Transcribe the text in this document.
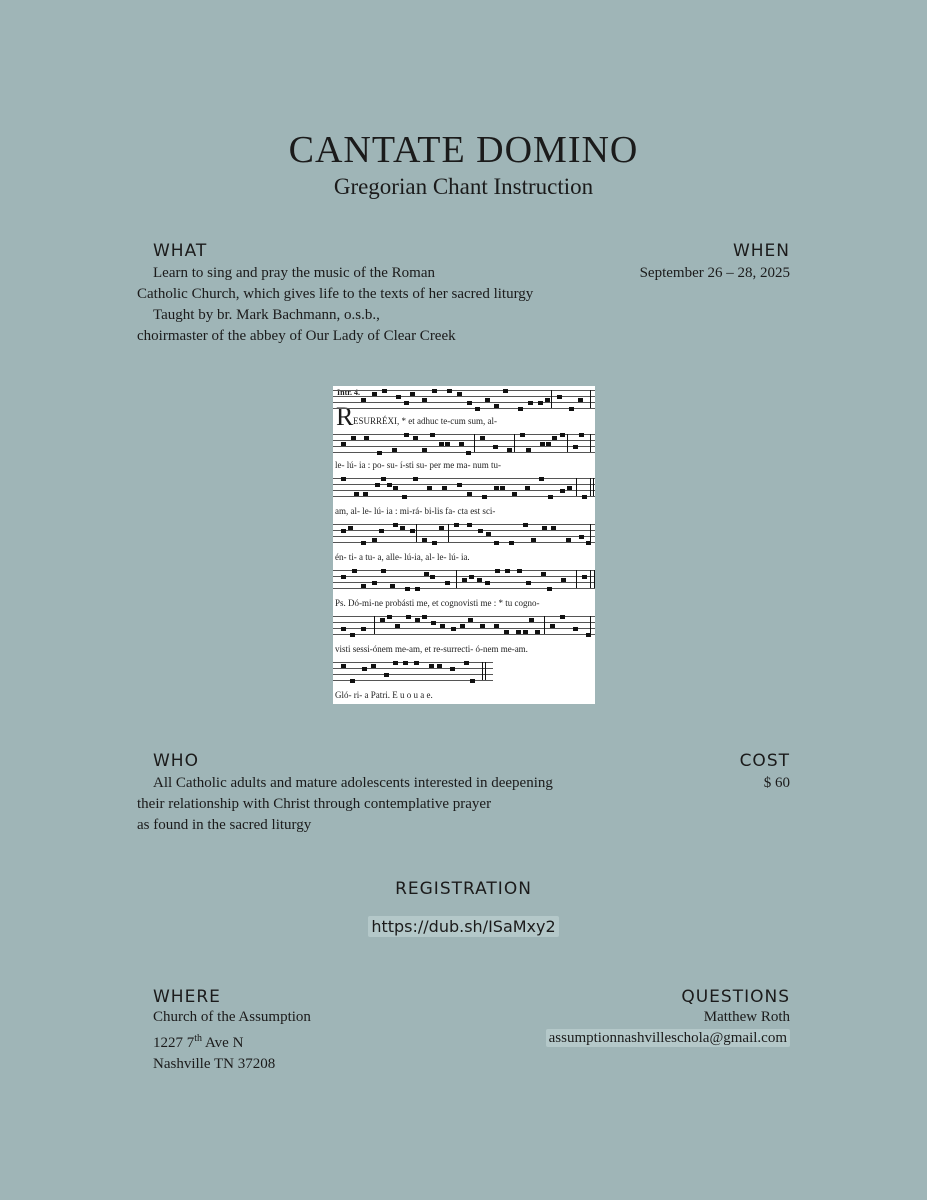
CANTATE DOMINO
Gregorian Chant Instruction
WHAT
Learn to sing and pray the music of the Roman
Catholic Church, which gives life to the texts of her sacred liturgy
Taught by br. Mark Bachmann, o.s.b.,
choirmaster of the abbey of Our Lady of Clear Creek
WHEN
September 26 – 28, 2025
Intr. 4.
R ESURRÉXI, * et adhuc te-cum sum, al-
le- lú- ia : po- su- í-sti su- per me ma- num tu-
am, al- le- lú- ia : mi-rá- bi-lis fa- cta est sci-
én- ti- a tu- a, alle- lú-ia, al- le- lú- ia.
Ps. Dó-mi-ne probásti me, et cognovisti me : * tu cogno-
visti sessi-ónem me-am, et re-surrecti- ó-nem me-am.
Gló- ri- a Patri. E u o u a e.
WHO
All Catholic adults and mature adolescents interested in deepening
their relationship with Christ through contemplative prayer
as found in the sacred liturgy
COST
$ 60
REGISTRATION
https://dub.sh/ISaMxy2
WHERE
Church of the Assumption
1227 7th Ave N
Nashville TN 37208
QUESTIONS
Matthew Roth
assumptionnashvilleschola@gmail.com
